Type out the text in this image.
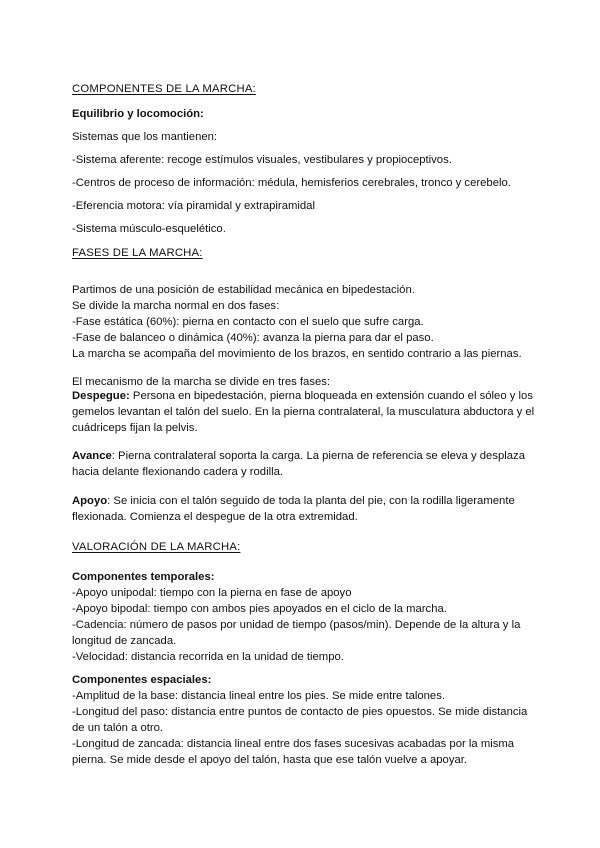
COMPONENTES DE LA MARCHA:
Equilibrio y locomoción:
Sistemas que los mantienen:
-Sistema aferente: recoge estímulos visuales, vestibulares y propioceptivos.
-Centros de proceso de información: médula, hemisferios cerebrales, tronco y cerebelo.
-Eferencia motora: vía piramidal y extrapiramidal
-Sistema músculo-esquelético.
FASES DE LA MARCHA:
Partimos de una posición de estabilidad mecánica en bipedestación.
Se divide la marcha normal en dos fases:
-Fase estática (60%): pierna en contacto con el suelo que sufre carga.
-Fase de balanceo o dinámica (40%): avanza la pierna para dar el paso.
La marcha se acompaña del movimiento de los brazos, en sentido contrario a las piernas.
El mecanismo de la marcha se divide en tres fases:
Despegue: Persona en bipedestación, pierna bloqueada en extensión cuando el sóleo y los gemelos levantan el talón del suelo. En la pierna contralateral, la musculatura abductora y el cuádriceps fijan la pelvis.
Avance: Pierna contralateral soporta la carga. La pierna de referencia se eleva y desplaza hacia delante flexionando cadera y rodilla.
Apoyo: Se inicia con el talón seguido de toda la planta del pie, con la rodilla ligeramente flexionada. Comienza el despegue de la otra extremidad.
VALORACIÓN DE LA MARCHA:
Componentes temporales:
-Apoyo unipodal: tiempo con la pierna en fase de apoyo
-Apoyo bipodal: tiempo con ambos pies apoyados en el ciclo de la marcha.
-Cadencia: número de pasos por unidad de tiempo (pasos/min). Depende de la altura y la longitud de zancada.
-Velocidad: distancia recorrida en la unidad de tiempo.
Componentes espaciales:
-Amplitud de la base: distancia lineal entre los pies. Se mide entre talones.
-Longitud del paso: distancia entre puntos de contacto de pies opuestos. Se mide distancia de un talón a otro.
-Longitud de zancada: distancia lineal entre dos fases sucesivas acabadas por la misma pierna. Se mide desde el apoyo del talón, hasta que ese talón vuelve a apoyar.
